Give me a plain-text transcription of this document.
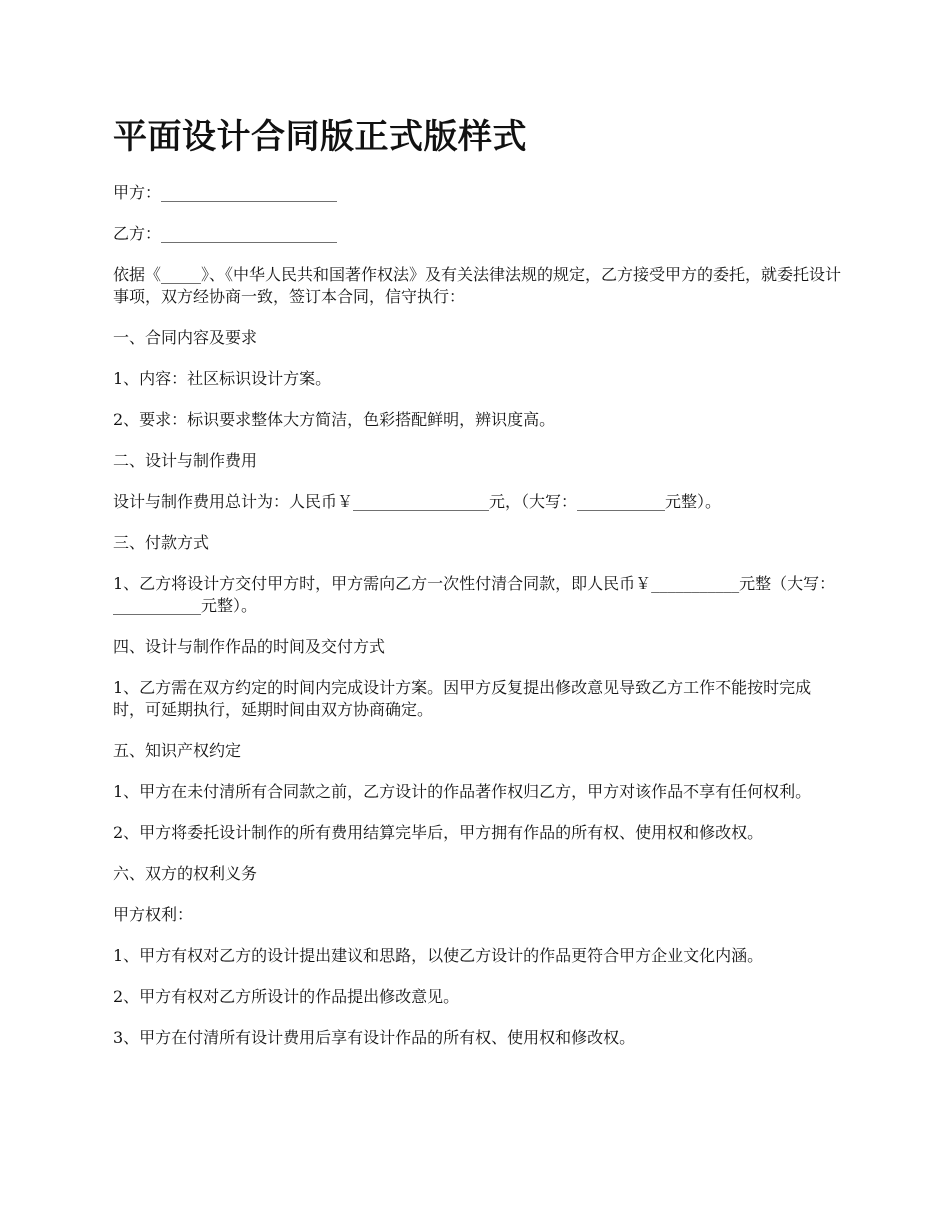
平面设计合同版正式版样式

甲方：______________________

乙方：______________________

依据《_____》、《中华人民共和国著作权法》及有关法律法规的规定，乙方接受甲方的委托，就委托设计事项，双方经协商一致，签订本合同，信守执行：

一、合同内容及要求

1、内容：社区标识设计方案。

2、要求：标识要求整体大方简洁，色彩搭配鲜明，辨识度高。

二、设计与制作费用

设计与制作费用总计为：人民币￥_________________元，（大写：___________元整）。

三、付款方式

1、乙方将设计方交付甲方时，甲方需向乙方一次性付清合同款，即人民币￥___________元整（大写：___________元整）。

四、设计与制作作品的时间及交付方式

1、乙方需在双方约定的时间内完成设计方案。因甲方反复提出修改意见导致乙方工作不能按时完成时，可延期执行，延期时间由双方协商确定。

五、知识产权约定

1、甲方在未付清所有合同款之前，乙方设计的作品著作权归乙方，甲方对该作品不享有任何权利。

2、甲方将委托设计制作的所有费用结算完毕后，甲方拥有作品的所有权、使用权和修改权。

六、双方的权利义务

甲方权利：

1、甲方有权对乙方的设计提出建议和思路，以使乙方设计的作品更符合甲方企业文化内涵。

2、甲方有权对乙方所设计的作品提出修改意见。

3、甲方在付清所有设计费用后享有设计作品的所有权、使用权和修改权。
